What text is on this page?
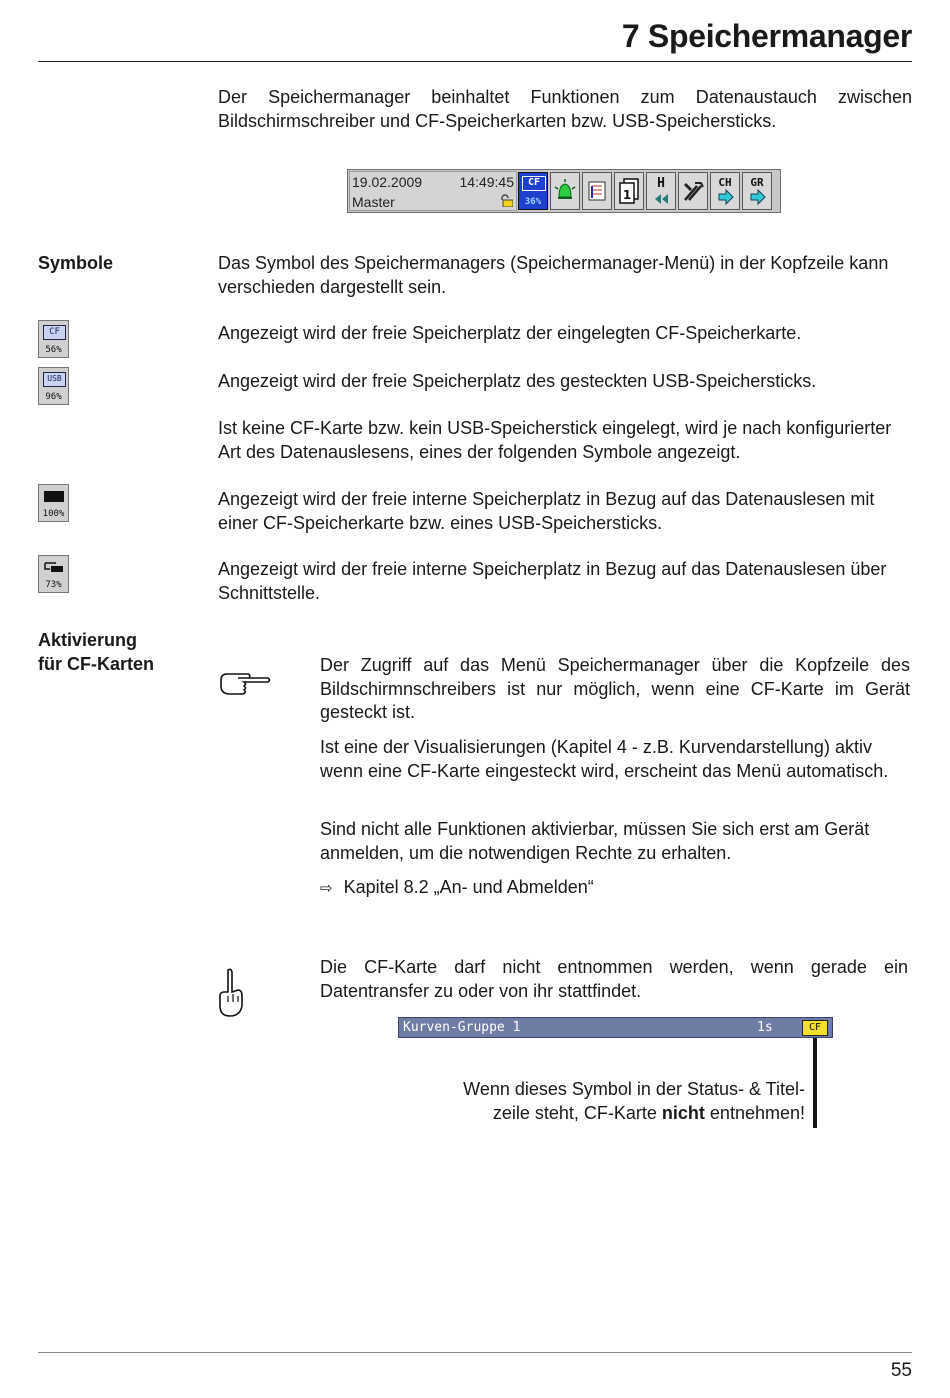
7 Speichermanager
Der Speichermanager beinhaltet Funktionen zum Datenaustauch zwischen Bildschirmschreiber und CF-Speicherkarten bzw. USB-Speichersticks.
19.02.2009	14:49:45
Master
CF
36%	1
H	CH	GR
Symbole	Das Symbol des Speichermanagers (Speichermanager-Menü) in der Kopfzeile kann verschieden dargestellt sein.
CF
56%
Angezeigt wird der freie Speicherplatz der eingelegten CF-Speicherkarte.
USB
96%
Angezeigt wird der freie Speicherplatz des gesteckten USB-Speichersticks.
Ist keine CF-Karte bzw. kein USB-Speicherstick eingelegt, wird je nach konfigurierter Art des Datenauslesens, eines der folgenden Symbole angezeigt.
100%
Angezeigt wird der freie interne Speicherplatz in Bezug auf das Datenauslesen mit einer CF-Speicherkarte bzw. eines USB-Speichersticks.
73%
Angezeigt wird der freie interne Speicherplatz in Bezug auf das Datenauslesen über Schnittstelle.
Aktivierung
für CF-Karten	Der Zugriff auf das Menü Speichermanager über die Kopfzeile des Bildschirmnschreibers ist nur möglich, wenn eine CF-Karte im Gerät gesteckt ist.
Ist eine der Visualisierungen (Kapitel 4 - z.B. Kurvendarstellung) aktiv wenn eine CF-Karte eingesteckt wird, erscheint das Menü automatisch.
Sind nicht alle Funktionen aktivierbar, müssen Sie sich erst am Gerät anmelden, um die notwendigen Rechte zu erhalten.
⇨ Kapitel 8.2 „An- und Abmelden“
Die CF-Karte darf nicht entnommen werden, wenn gerade ein Datentransfer zu oder von ihr stattfindet.
Kurven-Gruppe 1	1s	CF
Wenn dieses Symbol in der Status- & Titel-
zeile steht, CF-Karte nicht entnehmen!
55
